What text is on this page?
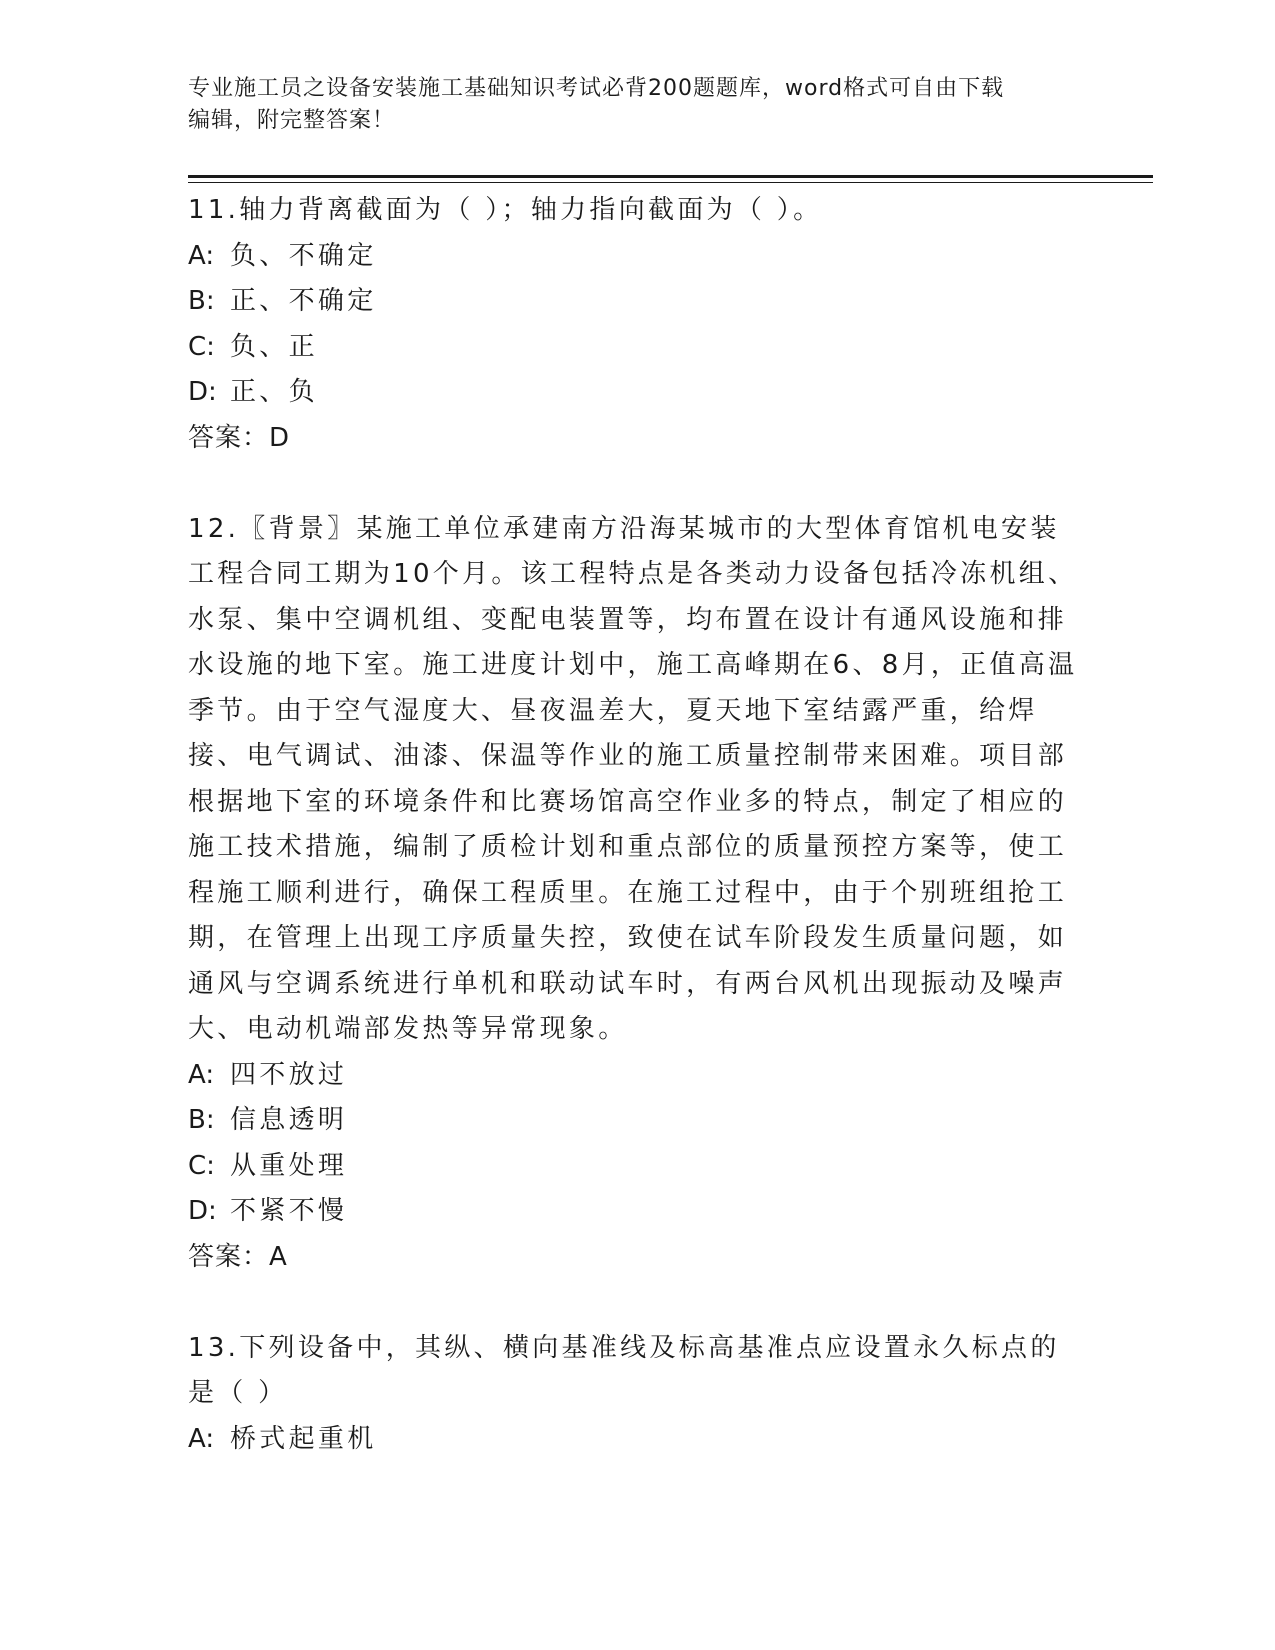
专业施工员之设备安装施工基础知识考试必背200题题库，word格式可自由下载
编辑，附完整答案！

11.轴力背离截面为（ ）；轴力指向截面为（ ）。

A: 负、不确定

B: 正、不确定

C: 负、正

D: 正、负

答案：D

12.〖背景〗某施工单位承建南方沿海某城市的大型体育馆机电安装工程合同工期为10个月。该工程特点是各类动力设备包括冷冻机组、水泵、集中空调机组、变配电装置等，均布置在设计有通风设施和排水设施的地下室。施工进度计划中，施工高峰期在6、8月，正值高温季节。由于空气湿度大、昼夜温差大，夏天地下室结露严重，给焊接、电气调试、油漆、保温等作业的施工质量控制带来困难。项目部根据地下室的环境条件和比赛场馆高空作业多的特点，制定了相应的施工技术措施，编制了质检计划和重点部位的质量预控方案等，使工程施工顺利进行，确保工程质里。在施工过程中，由于个别班组抢工期，在管理上出现工序质量失控，致使在试车阶段发生质量问题，如通风与空调系统进行单机和联动试车时，有两台风机出现振动及噪声大、电动机端部发热等异常现象。

A: 四不放过

B: 信息透明

C: 从重处理

D: 不紧不慢

答案：A

13.下列设备中，其纵、横向基准线及标高基准点应设置永久标点的是（ ）

A: 桥式起重机
